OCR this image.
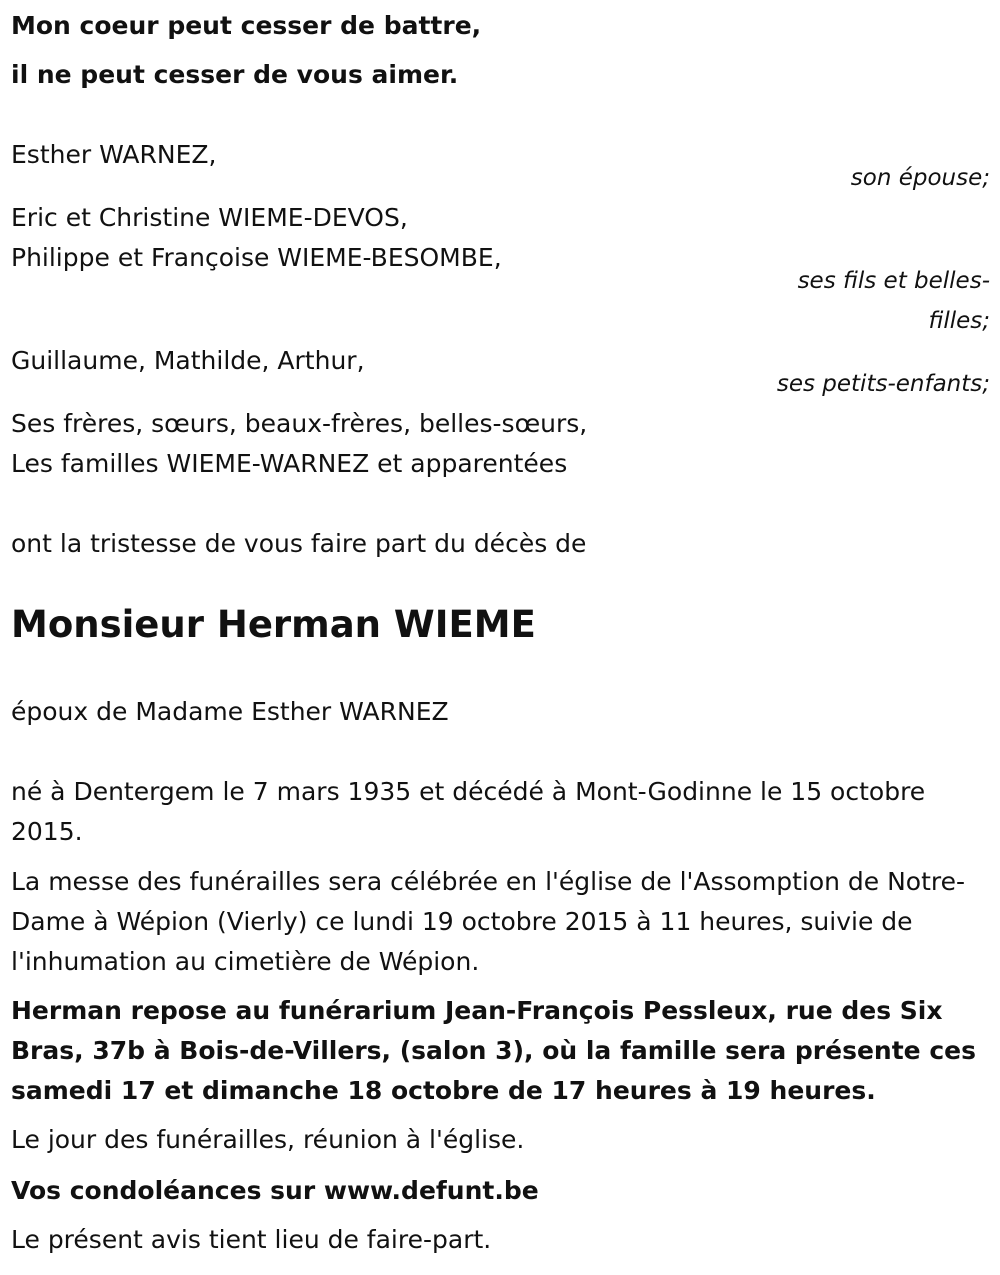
Mon coeur peut cesser de battre,
il ne peut cesser de vous aimer.
Esther WARNEZ,
son épouse;
Eric et Christine WIEME-DEVOS,
Philippe et Françoise WIEME-BESOMBE,
ses fils et belles-
filles;
Guillaume, Mathilde, Arthur,
ses petits-enfants;
Ses frères, sœurs, beaux-frères, belles-sœurs,
Les familles WIEME-WARNEZ et apparentées
ont la tristesse de vous faire part du décès de
Monsieur Herman WIEME
époux de Madame Esther WARNEZ
né à Dentergem le 7 mars 1935 et décédé à Mont-Godinne le 15 octobre 2015.
La messe des funérailles sera célébrée en l'église de l'Assomption de Notre-Dame à Wépion (Vierly) ce lundi 19 octobre 2015 à 11 heures, suivie de l'inhumation au cimetière de Wépion.
Herman repose au funérarium Jean-François Pessleux, rue des Six Bras, 37b à Bois-de-Villers, (salon 3), où la famille sera présente ces samedi 17 et dimanche 18 octobre de 17 heures à 19 heures.
Le jour des funérailles, réunion à l'église.
Vos condoléances sur www.defunt.be
Le présent avis tient lieu de faire-part.
